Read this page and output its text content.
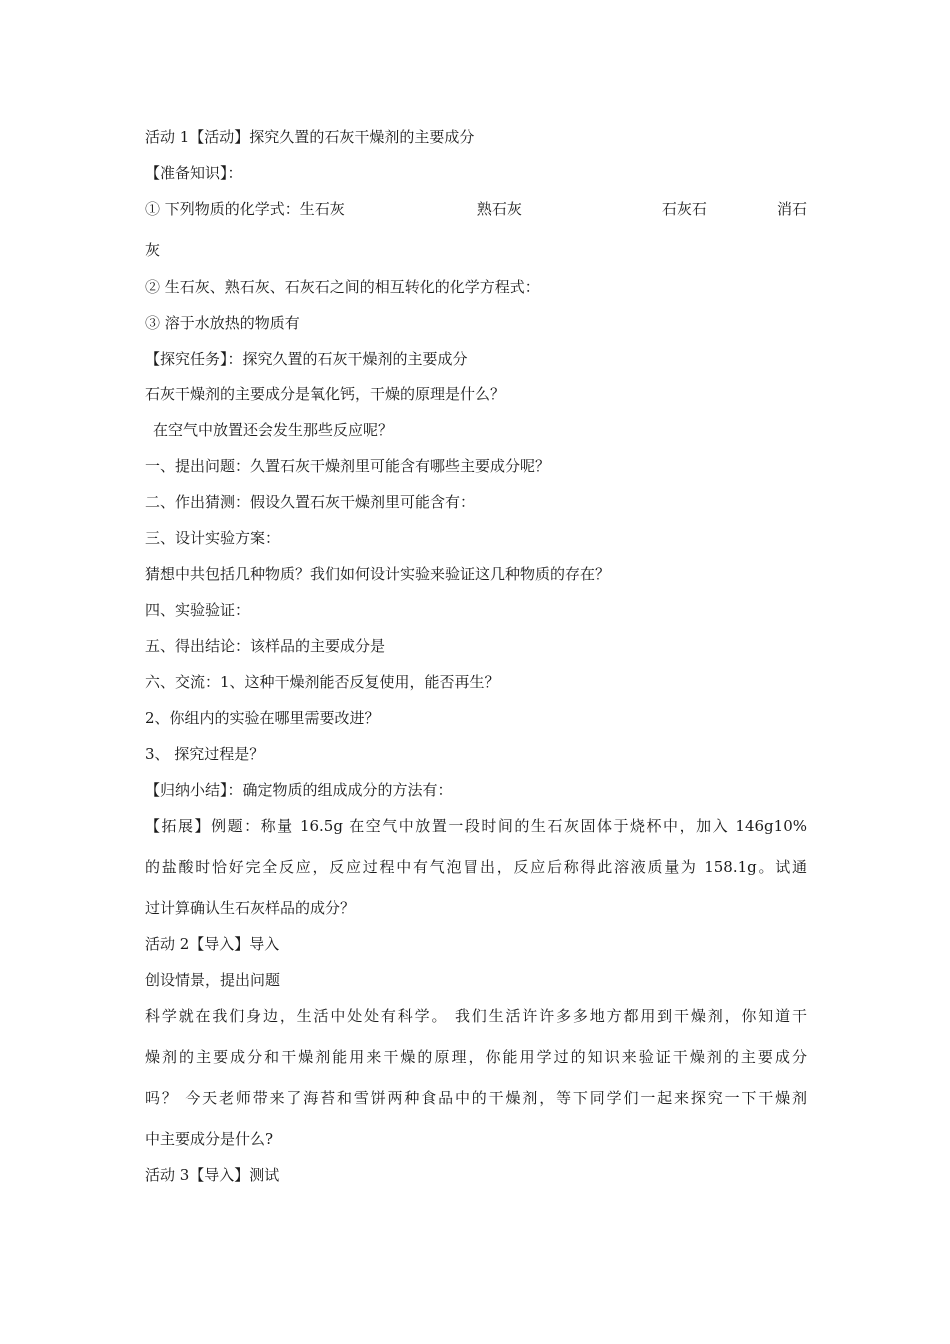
活动 1【活动】探究久置的石灰干燥剂的主要成分
【准备知识】：
① 下列物质的化学式：生石灰	熟石灰	石灰石	消石
灰
② 生石灰、熟石灰、石灰石之间的相互转化的化学方程式：
③ 溶于水放热的物质有
【探究任务】：探究久置的石灰干燥剂的主要成分
石灰干燥剂的主要成分是氧化钙，干燥的原理是什么？
在空气中放置还会发生那些反应呢？
一、提出问题：久置石灰干燥剂里可能含有哪些主要成分呢？
二、作出猜测：假设久置石灰干燥剂里可能含有：
三、设计实验方案：
猜想中共包括几种物质？我们如何设计实验来验证这几种物质的存在？
四、实验验证：
五、得出结论：该样品的主要成分是
六、交流：1、这种干燥剂能否反复使用，能否再生？
2、你组内的实验在哪里需要改进？
3、 探究过程是？
【归纳小结】：确定物质的组成成分的方法有：
【拓展】例题：称量 16.5g 在空气中放置一段时间的生石灰固体于烧杯中，加入 146g10%
的盐酸时恰好完全反应，反应过程中有气泡冒出，反应后称得此溶液质量为 158.1g。试通
过计算确认生石灰样品的成分？
活动 2【导入】导入
创设情景，提出问题
科学就在我们身边，生活中处处有科学。 我们生活许许多多地方都用到干燥剂，你知道干
燥剂的主要成分和干燥剂能用来干燥的原理，你能用学过的知识来验证干燥剂的主要成分
吗？ 今天老师带来了海苔和雪饼两种食品中的干燥剂，等下同学们一起来探究一下干燥剂
中主要成分是什么?
活动 3【导入】测试
